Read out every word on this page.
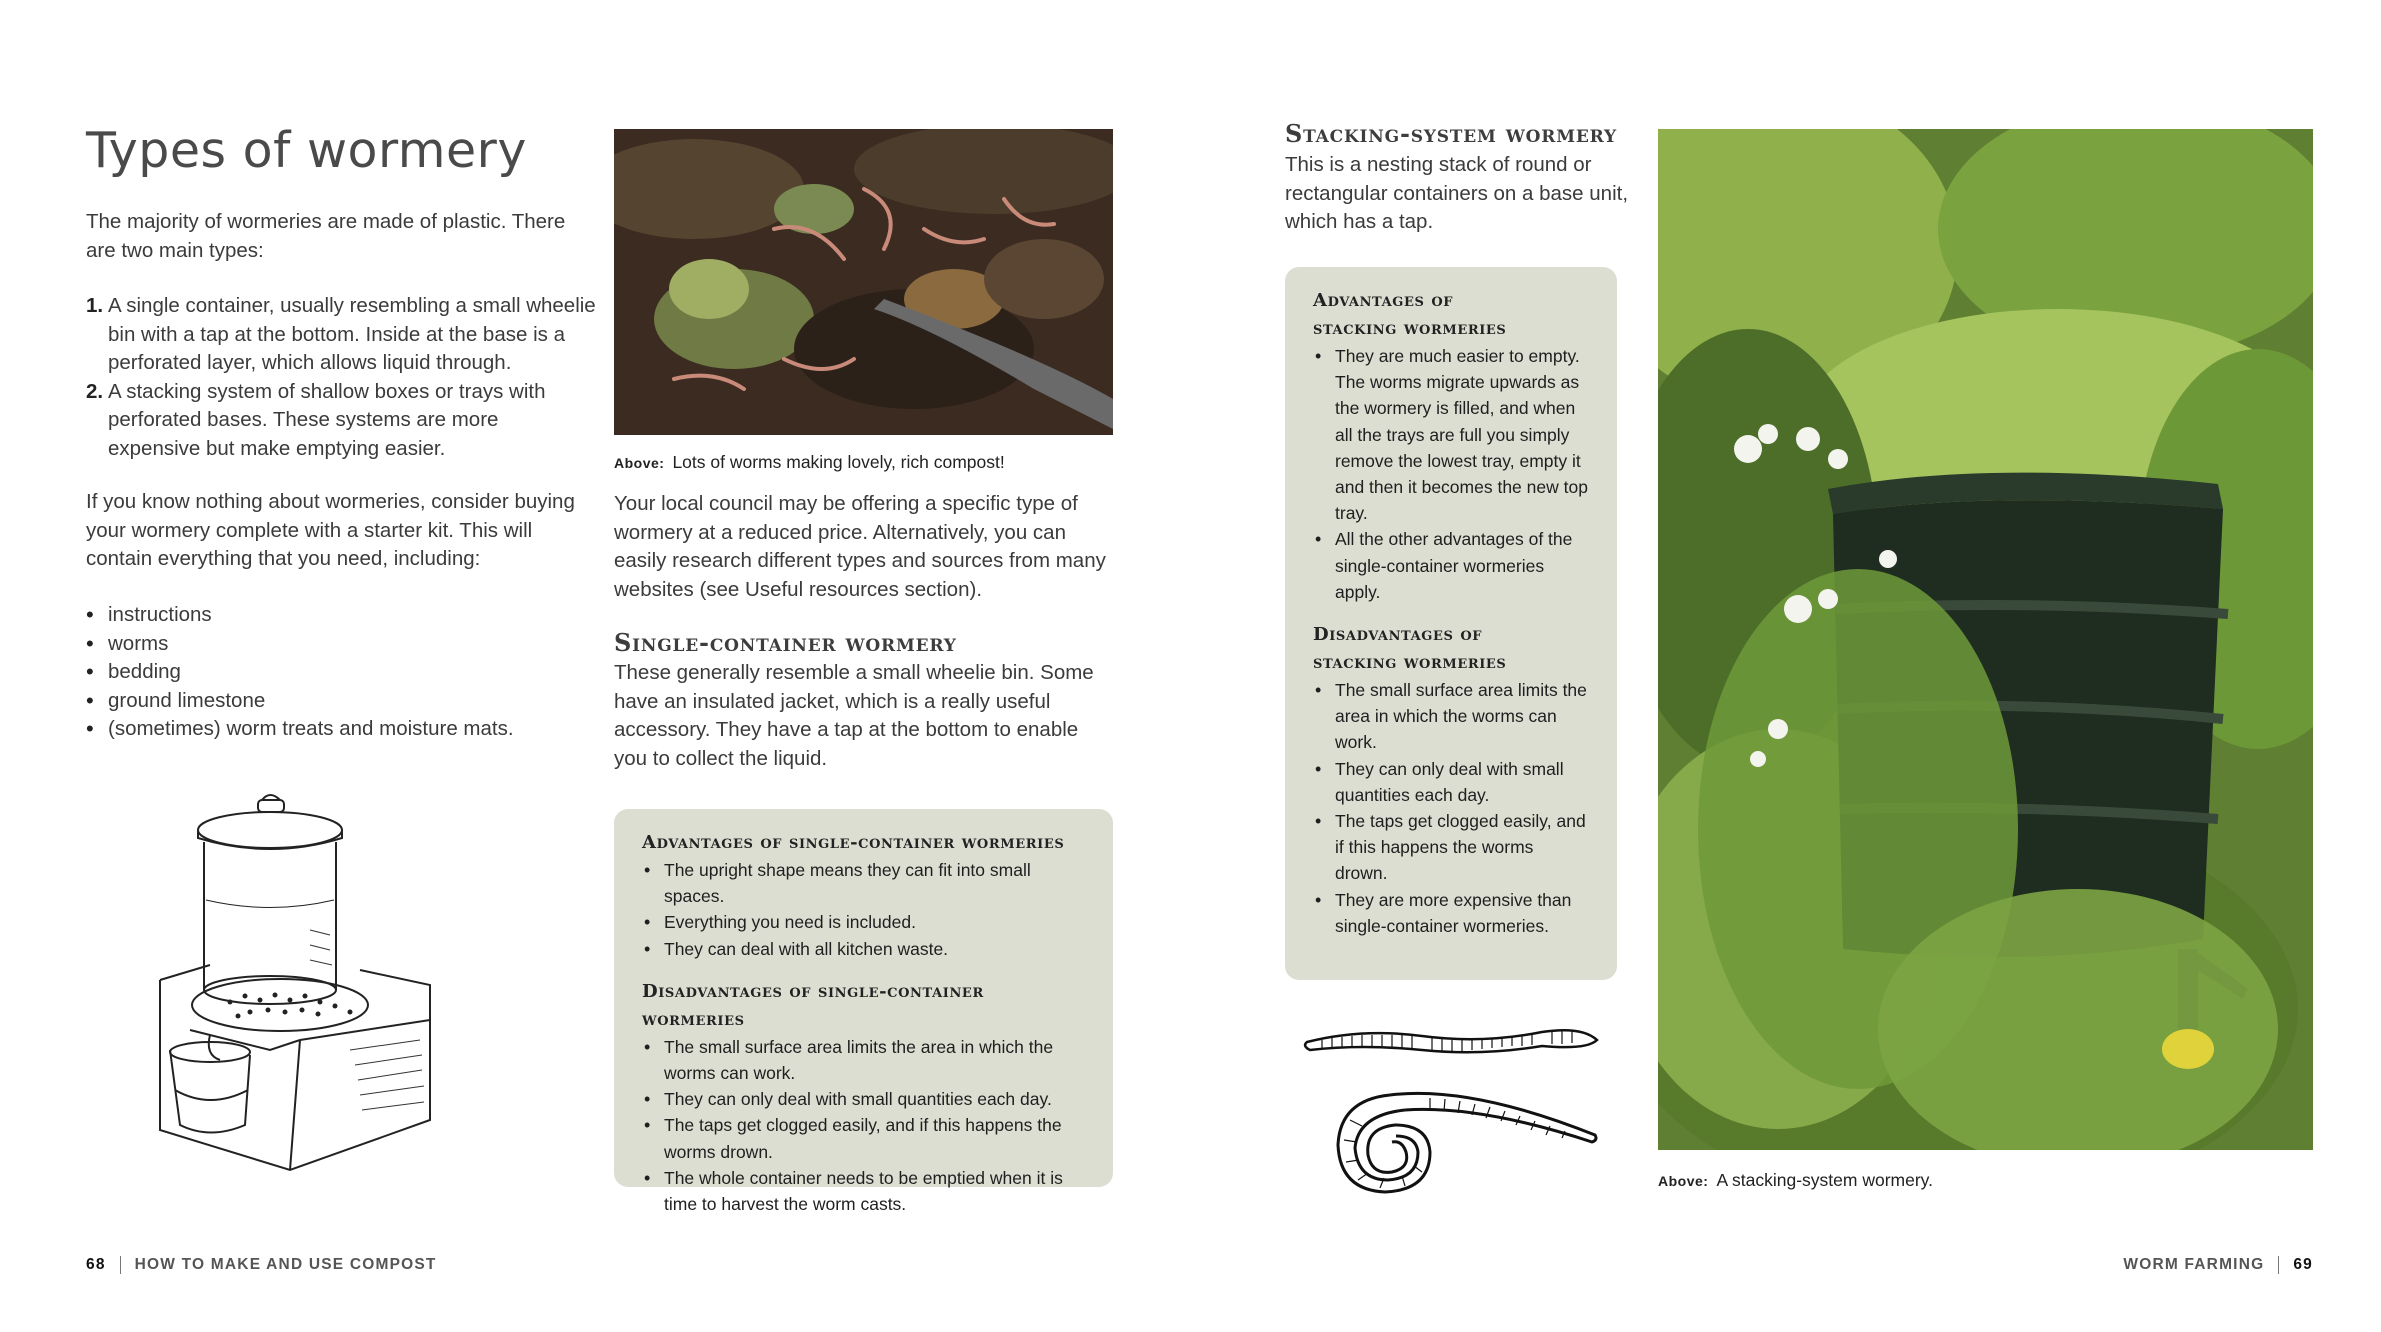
Types of wormery

The majority of wormeries are made of plastic. There are two main types:

1. A single container, usually resembling a small wheelie bin with a tap at the bottom. Inside at the base is a perforated layer, which allows liquid through.
2. A stacking system of shallow boxes or trays with perforated bases. These systems are more expensive but make emptying easier.

If you know nothing about wormeries, consider buying your wormery complete with a starter kit. This will contain everything that you need, including:

• instructions
• worms
• bedding
• ground limestone
• (sometimes) worm treats and moisture mats.

Above: Lots of worms making lovely, rich compost!

Your local council may be offering a specific type of wormery at a reduced price. Alternatively, you can easily research different types and sources from many websites (see Useful resources section).

Single-container wormery

These generally resemble a small wheelie bin. Some have an insulated jacket, which is a really useful accessory. They have a tap at the bottom to enable you to collect the liquid.

Advantages of single-container wormeries
• The upright shape means they can fit into small spaces.
• Everything you need is included.
• They can deal with all kitchen waste.
Disadvantages of single-container wormeries
• The small surface area limits the area in which the worms can work.
• They can only deal with small quantities each day.
• The taps get clogged easily, and if this happens the worms drown.
• The whole container needs to be emptied when it is time to harvest the worm casts.
68 HOW TO MAKE AND USE COMPOST
Stacking-system wormery

This is a nesting stack of round or rectangular containers on a base unit, which has a tap.

Advantages of
stacking wormeries
• They are much easier to empty. The worms migrate upwards as the wormery is filled, and when all the trays are full you simply remove the lowest tray, empty it and then it becomes the new top tray.
• All the other advantages of the single-container wormeries apply.
Disadvantages of
stacking wormeries
• The small surface area limits the area in which the worms can work.
• They can only deal with small quantities each day.
• The taps get clogged easily, and if this happens the worms drown.
• They are more expensive than single-container wormeries.

Above: A stacking-system wormery.

WORM FARMING 69
